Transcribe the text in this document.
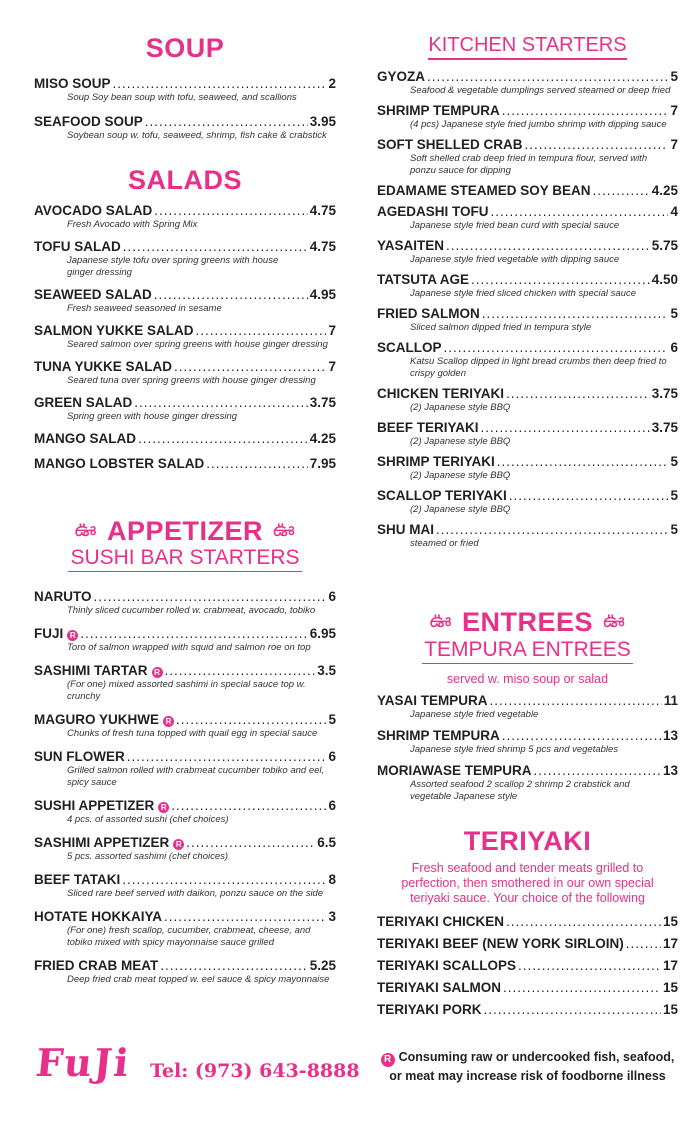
SOUP
MISO SOUP .....	2
Soup Soy bean soup with tofu, seaweed, and scallions
SEAFOOD SOUP .....	3.95
Soybean soup w. tofu, seaweed, shrimp, fish cake & crabstick
SALADS
AVOCADO SALAD .....	4.75
Fresh Avocado with Spring Mix
TOFU SALAD .....	4.75
Japanese style tofu over spring greens with house ginger dressing
SEAWEED SALAD .....	4.95
Fresh seaweed seasoned in sesame
SALMON YUKKE SALAD .....	7
Seared salmon over spring greens with house ginger dressing
TUNA YUKKE SALAD .....	7
Seared tuna over spring greens with house ginger dressing
GREEN SALAD .....	3.75
Spring green with house ginger dressing
MANGO SALAD .....	4.25
MANGO LOBSTER SALAD .....	7.95
ఊ APPETIZER ఊ
SUSHI BAR STARTERS
NARUTO .....	6
Thinly sliced cucumber rolled w. crabmeat, avocado, tobiko
FUJI R .....	6.95
Toro of salmon wrapped with squid and salmon roe on top
SASHIMI TARTAR R .....	3.5
(For one) mixed assorted sashimi in special sauce top w. crunchy
MAGURO YUKHWE R .....	5
Chunks of fresh tuna topped with quail egg in special sauce
SUN FLOWER .....	6
Grilled salmon rolled with crabmeat cucumber tobiko and eel, spicy sauce
SUSHI APPETIZER R .....	6
4 pcs. of assorted sushi (chef choices)
SASHIMI APPETIZER R .....	6.5
5 pcs. assorted sashimi (chef choices)
BEEF TATAKI .....	8
Sliced rare beef served with daikon, ponzu sauce on the side
HOTATE HOKKAIYA .....	3
(For one) fresh scallop, cucumber, crabmeat, cheese, and tobiko mixed with spicy mayonnaise sauce grilled
FRIED CRAB MEAT .....	5.25
Deep fried crab meat topped w. eel sauce & spicy mayonnaise
KITCHEN STARTERS
GYOZA .....	5
Seafood & vegetable dumplings served steamed or deep fried
SHRIMP TEMPURA .....	7
(4 pcs) Japanese style fried jumbo shrimp with dipping sauce
SOFT SHELLED CRAB .....	7
Soft shelled crab deep fried in tempura flour, served with ponzu sauce for dipping
EDAMAME STEAMED SOY BEAN .....	4.25
AGEDASHI TOFU .....	4
Japanese style fried bean curd with special sauce
YASAITEN .....	5.75
Japanese style fried vegetable with dipping sauce
TATSUTA AGE .....	4.50
Japanese style fried sliced chicken with special sauce
FRIED SALMON .....	5
Sliced salmon dipped fried in tempura style
SCALLOP .....	6
Katsu Scallop dipped in light bread crumbs then deep fried to crispy golden
CHICKEN TERIYAKI .....	3.75
(2) Japanese style BBQ
BEEF TERIYAKI .....	3.75
(2) Japanese style BBQ
SHRIMP TERIYAKI .....	5
(2) Japanese style BBQ
SCALLOP TERIYAKI .....	5
(2) Japanese style BBQ
SHU MAI .....	5
steamed or fried
ఊ ENTREES ఊ
TEMPURA ENTREES
served w. miso soup or salad
YASAI TEMPURA .....	11
Japanese style fried vegetable
SHRIMP TEMPURA .....	13
Japanese style fried shrimp 5 pcs and vegetables
MORIAWASE TEMPURA .....	13
Assorted seafood 2 scallop 2 shrimp 2 crabstick and vegetable Japanese style
TERIYAKI
Fresh seafood and tender meats grilled to perfection, then smothered in our own special teriyaki sauce. Your choice of the following
TERIYAKI CHICKEN .....	15
TERIYAKI BEEF (NEW YORK SIRLOIN) .....	17
TERIYAKI SCALLOPS .....	17
TERIYAKI SALMON .....	15
TERIYAKI PORK .....	15
FuJi Tel: (973) 643-8888
R Consuming raw or undercooked fish, seafood, or meat may increase risk of foodborne illness
